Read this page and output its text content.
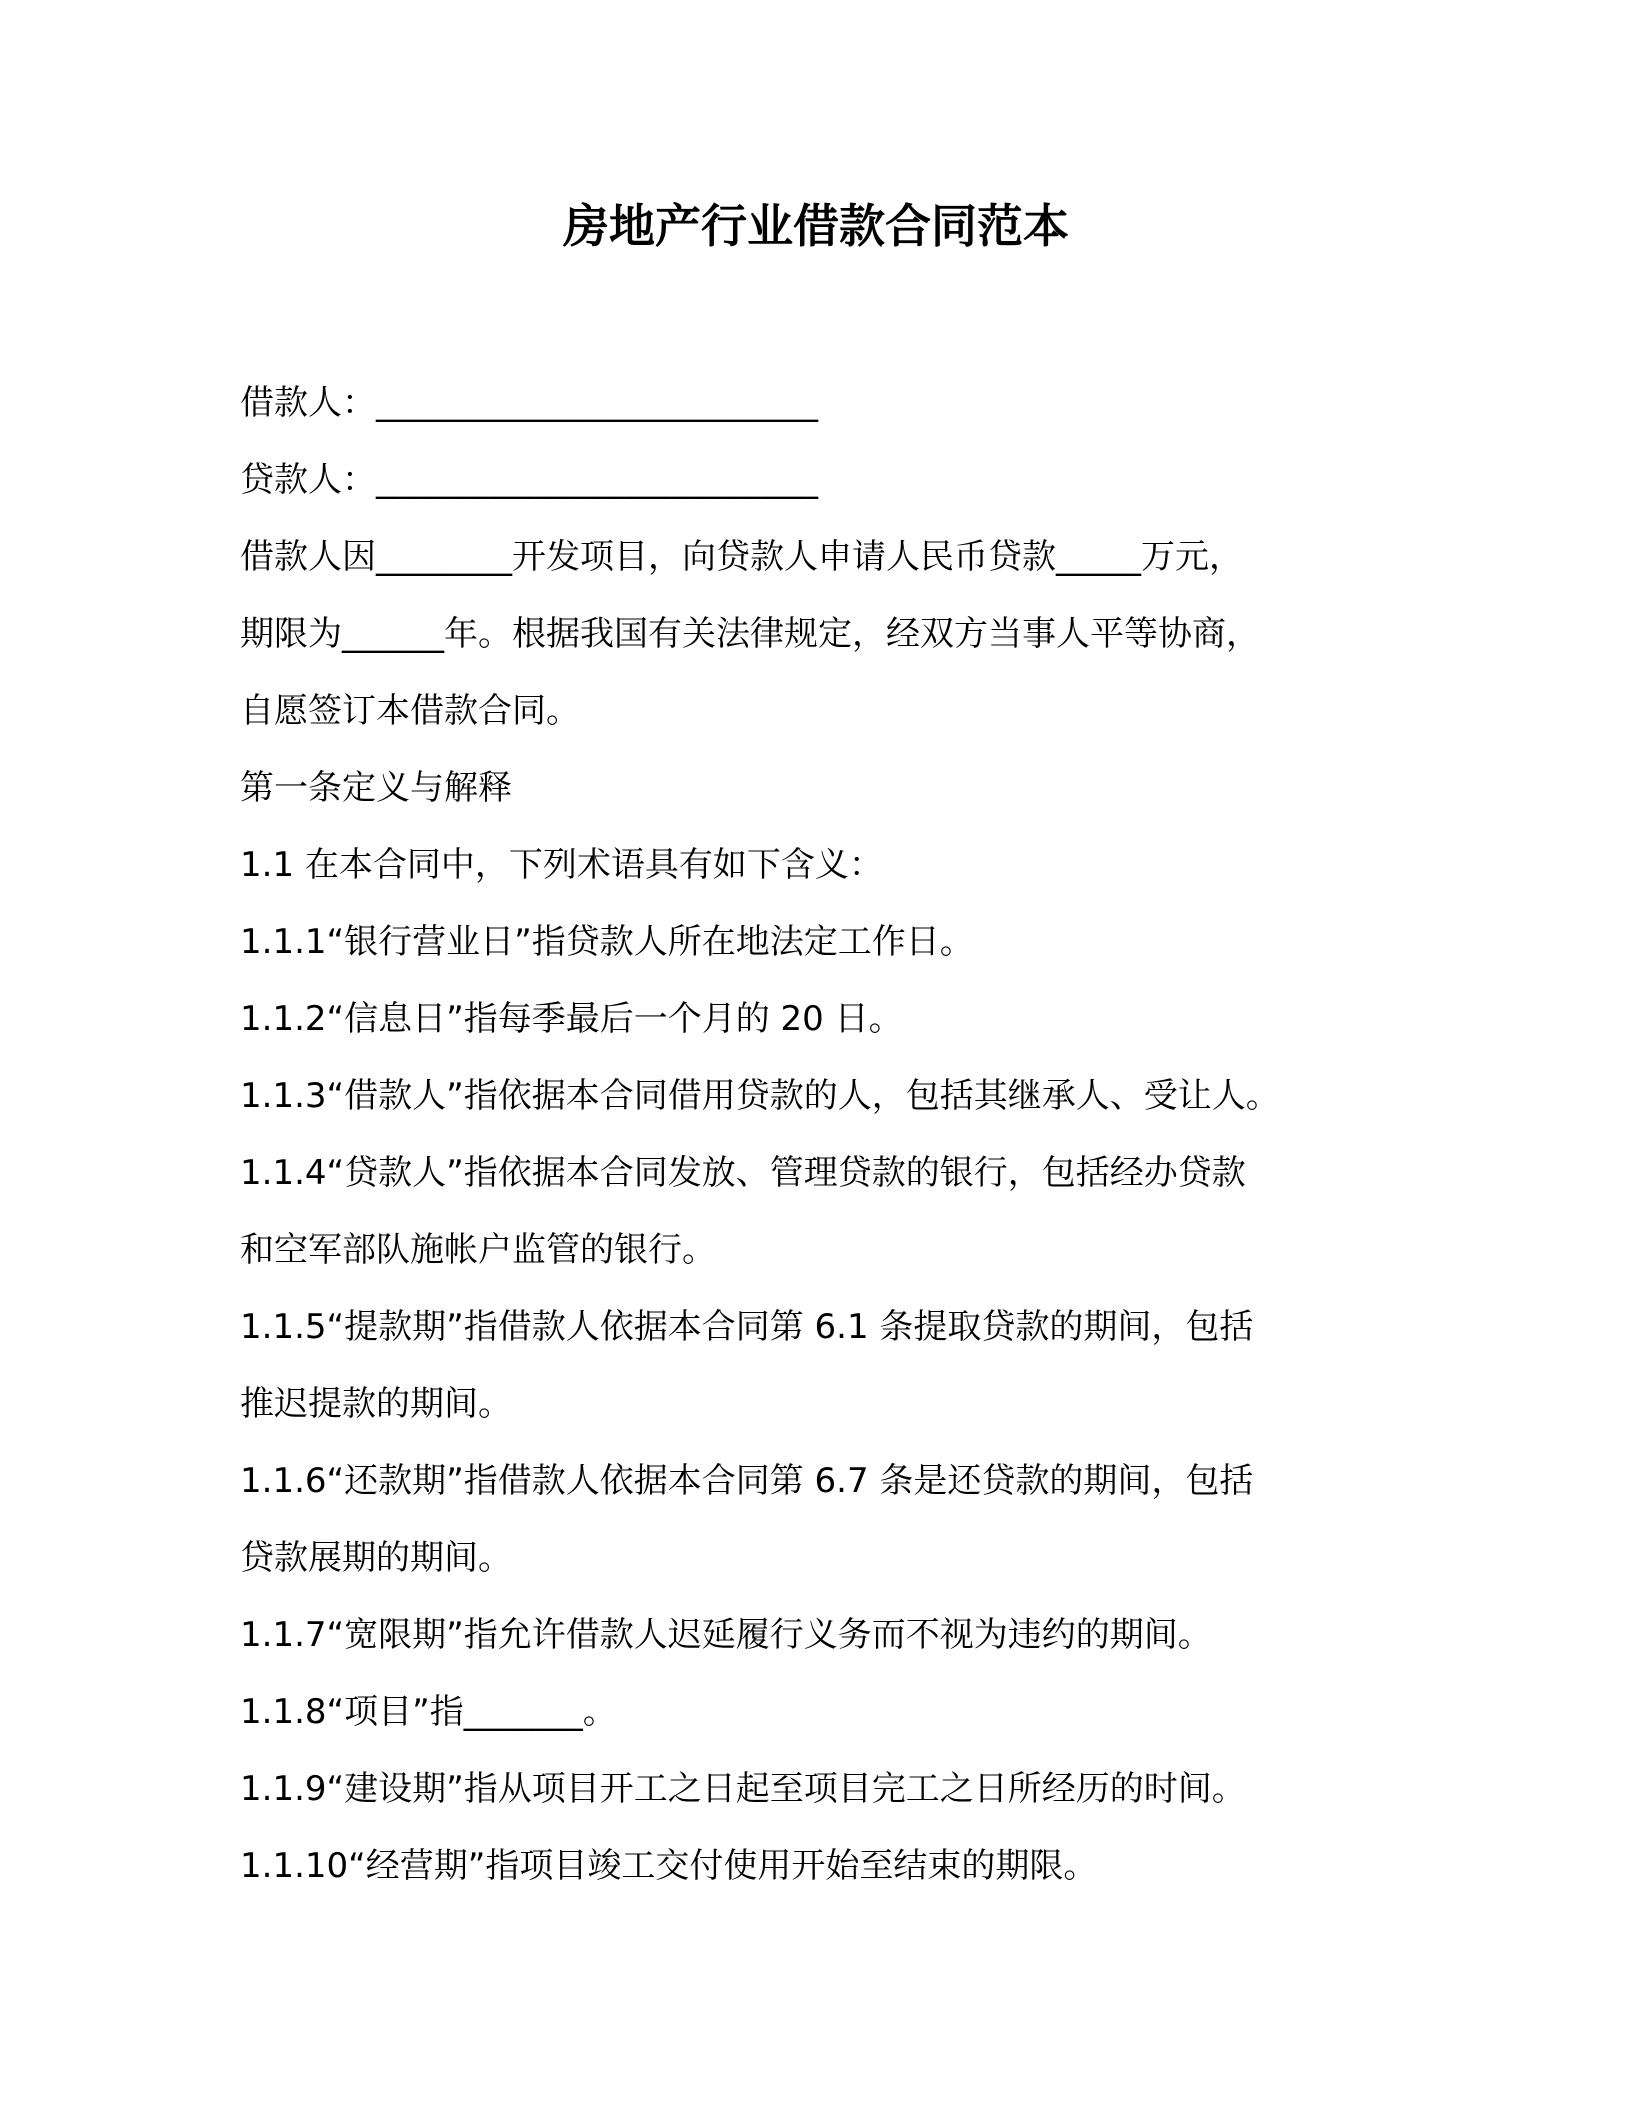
房地产行业借款合同范本

借款人：__________________________

贷款人：__________________________

借款人因________开发项目，向贷款人申请人民币贷款_____万元，

期限为______年。根据我国有关法律规定，经双方当事人平等协商，

自愿签订本借款合同。

第一条定义与解释

1.1 在本合同中，下列术语具有如下含义：

1.1.1“银行营业日”指贷款人所在地法定工作日。

1.1.2“信息日”指每季最后一个月的 20 日。

1.1.3“借款人”指依据本合同借用贷款的人，包括其继承人、受让人。

1.1.4“贷款人”指依据本合同发放、管理贷款的银行，包括经办贷款

和空军部队施帐户监管的银行。

1.1.5“提款期”指借款人依据本合同第 6.1 条提取贷款的期间，包括

推迟提款的期间。

1.1.6“还款期”指借款人依据本合同第 6.7 条是还贷款的期间，包括

贷款展期的期间。

1.1.7“宽限期”指允许借款人迟延履行义务而不视为违约的期间。

1.1.8“项目”指_______。

1.1.9“建设期”指从项目开工之日起至项目完工之日所经历的时间。

1.1.10“经营期”指项目竣工交付使用开始至结束的期限。
